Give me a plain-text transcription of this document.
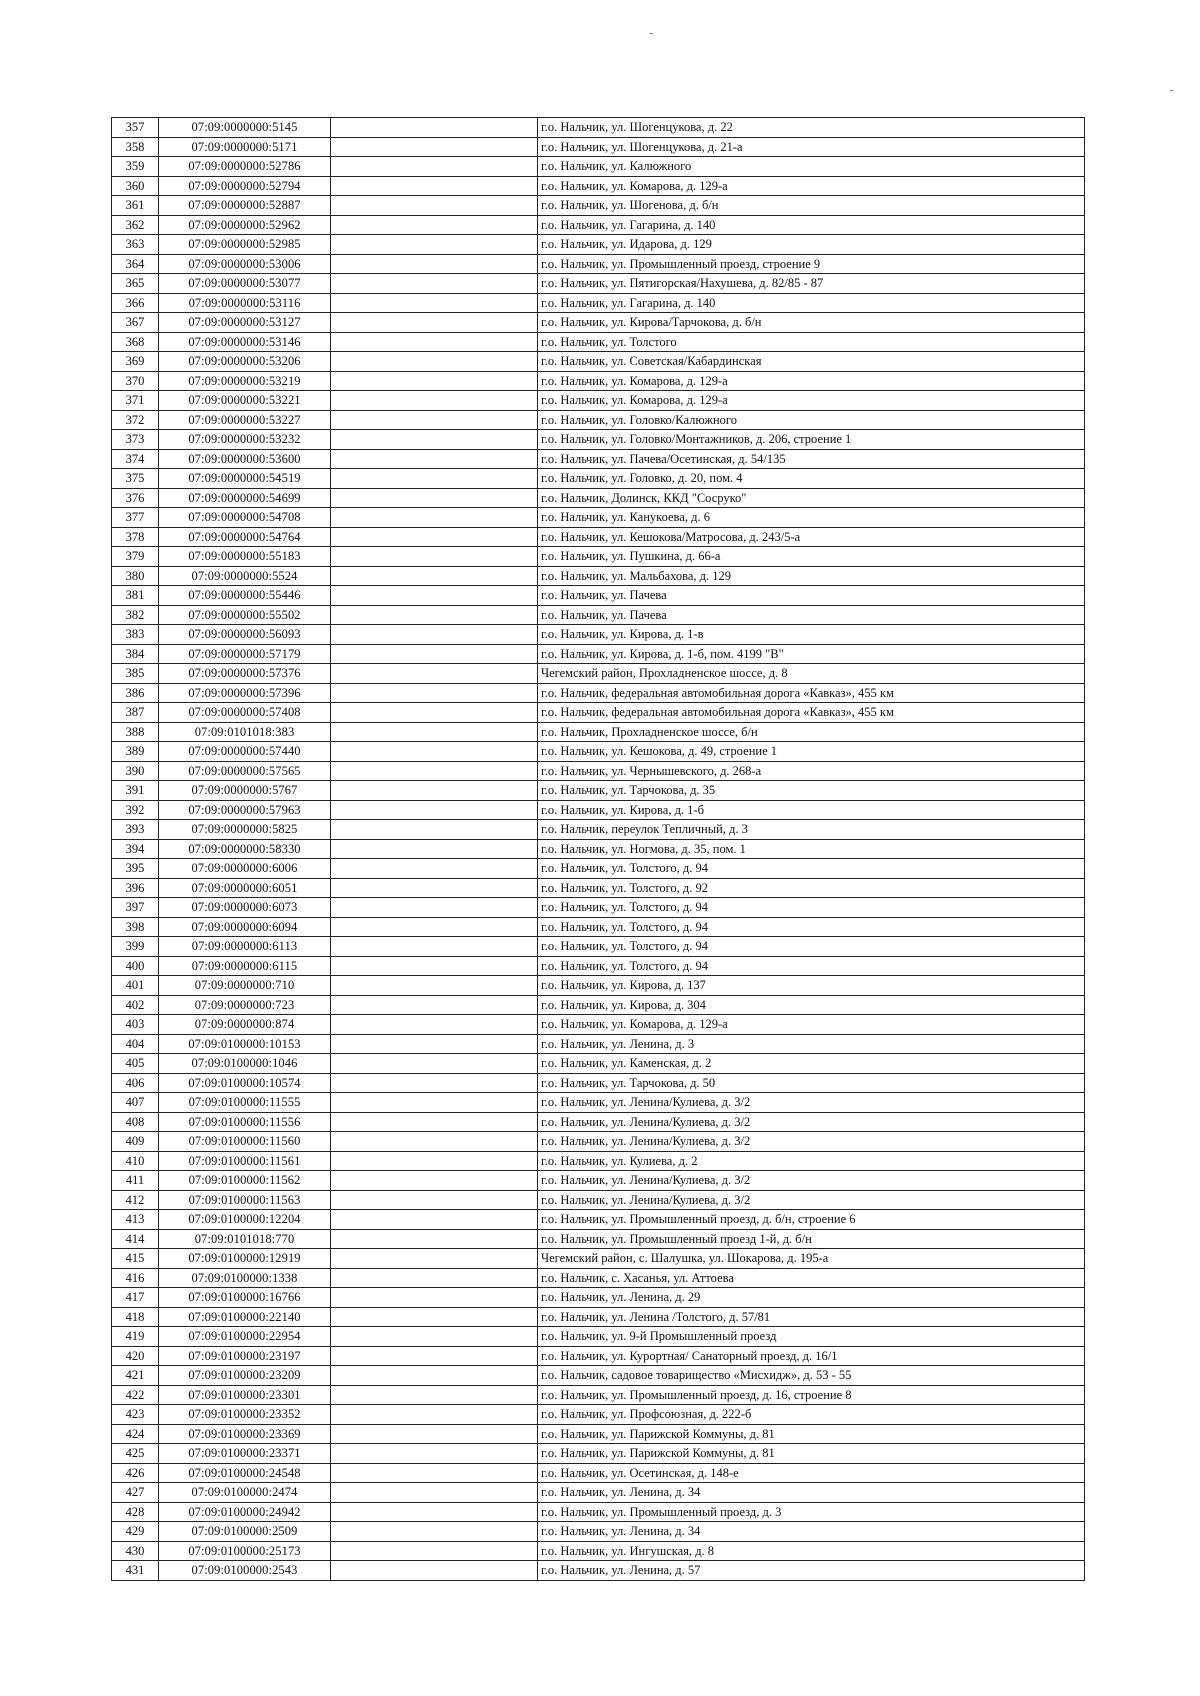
357	07:09:0000000:5145		г.о. Нальчик, ул. Шогенцукова, д. 22
358	07:09:0000000:5171		г.о. Нальчик, ул. Шогенцукова, д. 21-а
359	07:09:0000000:52786		г.о. Нальчик, ул. Калюжного
360	07:09:0000000:52794		г.о. Нальчик, ул. Комарова, д. 129-а
361	07:09:0000000:52887		г.о. Нальчик, ул. Шогенова, д. б/н
362	07:09:0000000:52962		г.о. Нальчик, ул. Гагарина, д. 140
363	07:09:0000000:52985		г.о. Нальчик, ул. Идарова, д. 129
364	07:09:0000000:53006		г.о. Нальчик, ул. Промышленный проезд, строение 9
365	07:09:0000000:53077		г.о. Нальчик, ул. Пятигорская/Нахушева, д. 82/85 - 87
366	07:09:0000000:53116		г.о. Нальчик, ул. Гагарина, д. 140
367	07:09:0000000:53127		г.о. Нальчик, ул. Кирова/Тарчокова, д. б/н
368	07:09:0000000:53146		г.о. Нальчик, ул. Толстого
369	07:09:0000000:53206		г.о. Нальчик, ул. Советская/Кабардинская
370	07:09:0000000:53219		г.о. Нальчик, ул. Комарова, д. 129-а
371	07:09:0000000:53221		г.о. Нальчик, ул. Комарова, д. 129-а
372	07:09:0000000:53227		г.о. Нальчик, ул. Головко/Калюжного
373	07:09:0000000:53232		г.о. Нальчик, ул. Головко/Монтажников, д. 206, строение 1
374	07:09:0000000:53600		г.о. Нальчик, ул. Пачева/Осетинская, д. 54/135
375	07:09:0000000:54519		г.о. Нальчик, ул. Головко, д. 20, пом. 4
376	07:09:0000000:54699		г.о. Нальчик, Долинск, ККД "Сосруко"
377	07:09:0000000:54708		г.о. Нальчик, ул. Канукоева, д. 6
378	07:09:0000000:54764		г.о. Нальчик, ул. Кешокова/Матросова, д. 243/5-а
379	07:09:0000000:55183		г.о. Нальчик, ул. Пушкина, д. 66-а
380	07:09:0000000:5524		г.о. Нальчик, ул. Мальбахова, д. 129
381	07:09:0000000:55446		г.о. Нальчик, ул. Пачева
382	07:09:0000000:55502		г.о. Нальчик, ул. Пачева
383	07:09:0000000:56093		г.о. Нальчик, ул. Кирова, д. 1-в
384	07:09:0000000:57179		г.о. Нальчик, ул. Кирова, д. 1-б, пом. 4199 "В"
385	07:09:0000000:57376		Чегемский район, Прохладненское шоссе, д. 8
386	07:09:0000000:57396		г.о. Нальчик, федеральная автомобильная дорога «Кавказ», 455 км
387	07:09:0000000:57408		г.о. Нальчик, федеральная автомобильная дорога «Кавказ», 455 км
388	07:09:0101018:383		г.о. Нальчик, Прохладненское шоссе, б/н
389	07:09:0000000:57440		г.о. Нальчик, ул. Кешокова, д. 49, строение 1
390	07:09:0000000:57565		г.о. Нальчик, ул. Чернышевского, д. 268-а
391	07:09:0000000:5767		г.о. Нальчик, ул. Тарчокова, д. 35
392	07:09:0000000:57963		г.о. Нальчик, ул. Кирова, д. 1-б
393	07:09:0000000:5825		г.о. Нальчик, переулок Тепличный, д. 3
394	07:09:0000000:58330		г.о. Нальчик, ул. Ногмова, д. 35, пом. 1
395	07:09:0000000:6006		г.о. Нальчик, ул. Толстого, д. 94
396	07:09:0000000:6051		г.о. Нальчик, ул. Толстого, д. 92
397	07:09:0000000:6073		г.о. Нальчик, ул. Толстого, д. 94
398	07:09:0000000:6094		г.о. Нальчик, ул. Толстого, д. 94
399	07:09:0000000:6113		г.о. Нальчик, ул. Толстого, д. 94
400	07:09:0000000:6115		г.о. Нальчик, ул. Толстого, д. 94
401	07:09:0000000:710		г.о. Нальчик, ул. Кирова, д. 137
402	07:09:0000000:723		г.о. Нальчик, ул. Кирова, д. 304
403	07:09:0000000:874		г.о. Нальчик, ул. Комарова, д. 129-а
404	07:09:0100000:10153		г.о. Нальчик, ул. Ленина, д. 3
405	07:09:0100000:1046		г.о. Нальчик, ул. Каменская, д. 2
406	07:09:0100000:10574		г.о. Нальчик, ул. Тарчокова, д. 50
407	07:09:0100000:11555		г.о. Нальчик, ул. Ленина/Кулиева, д. 3/2
408	07:09:0100000:11556		г.о. Нальчик, ул. Ленина/Кулиева, д. 3/2
409	07:09:0100000:11560		г.о. Нальчик, ул. Ленина/Кулиева, д. 3/2
410	07:09:0100000:11561		г.о. Нальчик, ул. Кулиева, д. 2
411	07:09:0100000:11562		г.о. Нальчик, ул. Ленина/Кулиева, д. 3/2
412	07:09:0100000:11563		г.о. Нальчик, ул. Ленина/Кулиева, д. 3/2
413	07:09:0100000:12204		г.о. Нальчик, ул. Промышленный проезд, д. б/н, строение 6
414	07:09:0101018:770		г.о. Нальчик, ул. Промышленный проезд 1-й, д. б/н
415	07:09:0100000:12919		Чегемский район, с. Шалушка, ул. Шокарова, д. 195-а
416	07:09:0100000:1338		г.о. Нальчик, с. Хасанья, ул. Аттоева
417	07:09:0100000:16766		г.о. Нальчик, ул. Ленина, д. 29
418	07:09:0100000:22140		г.о. Нальчик, ул. Ленина /Толстого, д. 57/81
419	07:09:0100000:22954		г.о. Нальчик, ул. 9-й Промышленный проезд
420	07:09:0100000:23197		г.о. Нальчик, ул. Курортная/ Санаторный проезд, д. 16/1
421	07:09:0100000:23209		г.о. Нальчик, садовое товарищество «Мисхидж», д. 53 - 55
422	07:09:0100000:23301		г.о. Нальчик, ул. Промышленный проезд, д. 16, строение 8
423	07:09:0100000:23352		г.о. Нальчик, ул. Профсоюзная, д. 222-б
424	07:09:0100000:23369		г.о. Нальчик, ул. Парижской Коммуны, д. 81
425	07:09:0100000:23371		г.о. Нальчик, ул. Парижской Коммуны, д. 81
426	07:09:0100000:24548		г.о. Нальчик, ул. Осетинская, д. 148-е
427	07:09:0100000:2474		г.о. Нальчик, ул. Ленина, д. 34
428	07:09:0100000:24942		г.о. Нальчик, ул. Промышленный проезд, д. 3
429	07:09:0100000:2509		г.о. Нальчик, ул. Ленина, д. 34
430	07:09:0100000:25173		г.о. Нальчик, ул. Ингушская, д. 8
431	07:09:0100000:2543		г.о. Нальчик, ул. Ленина, д. 57
